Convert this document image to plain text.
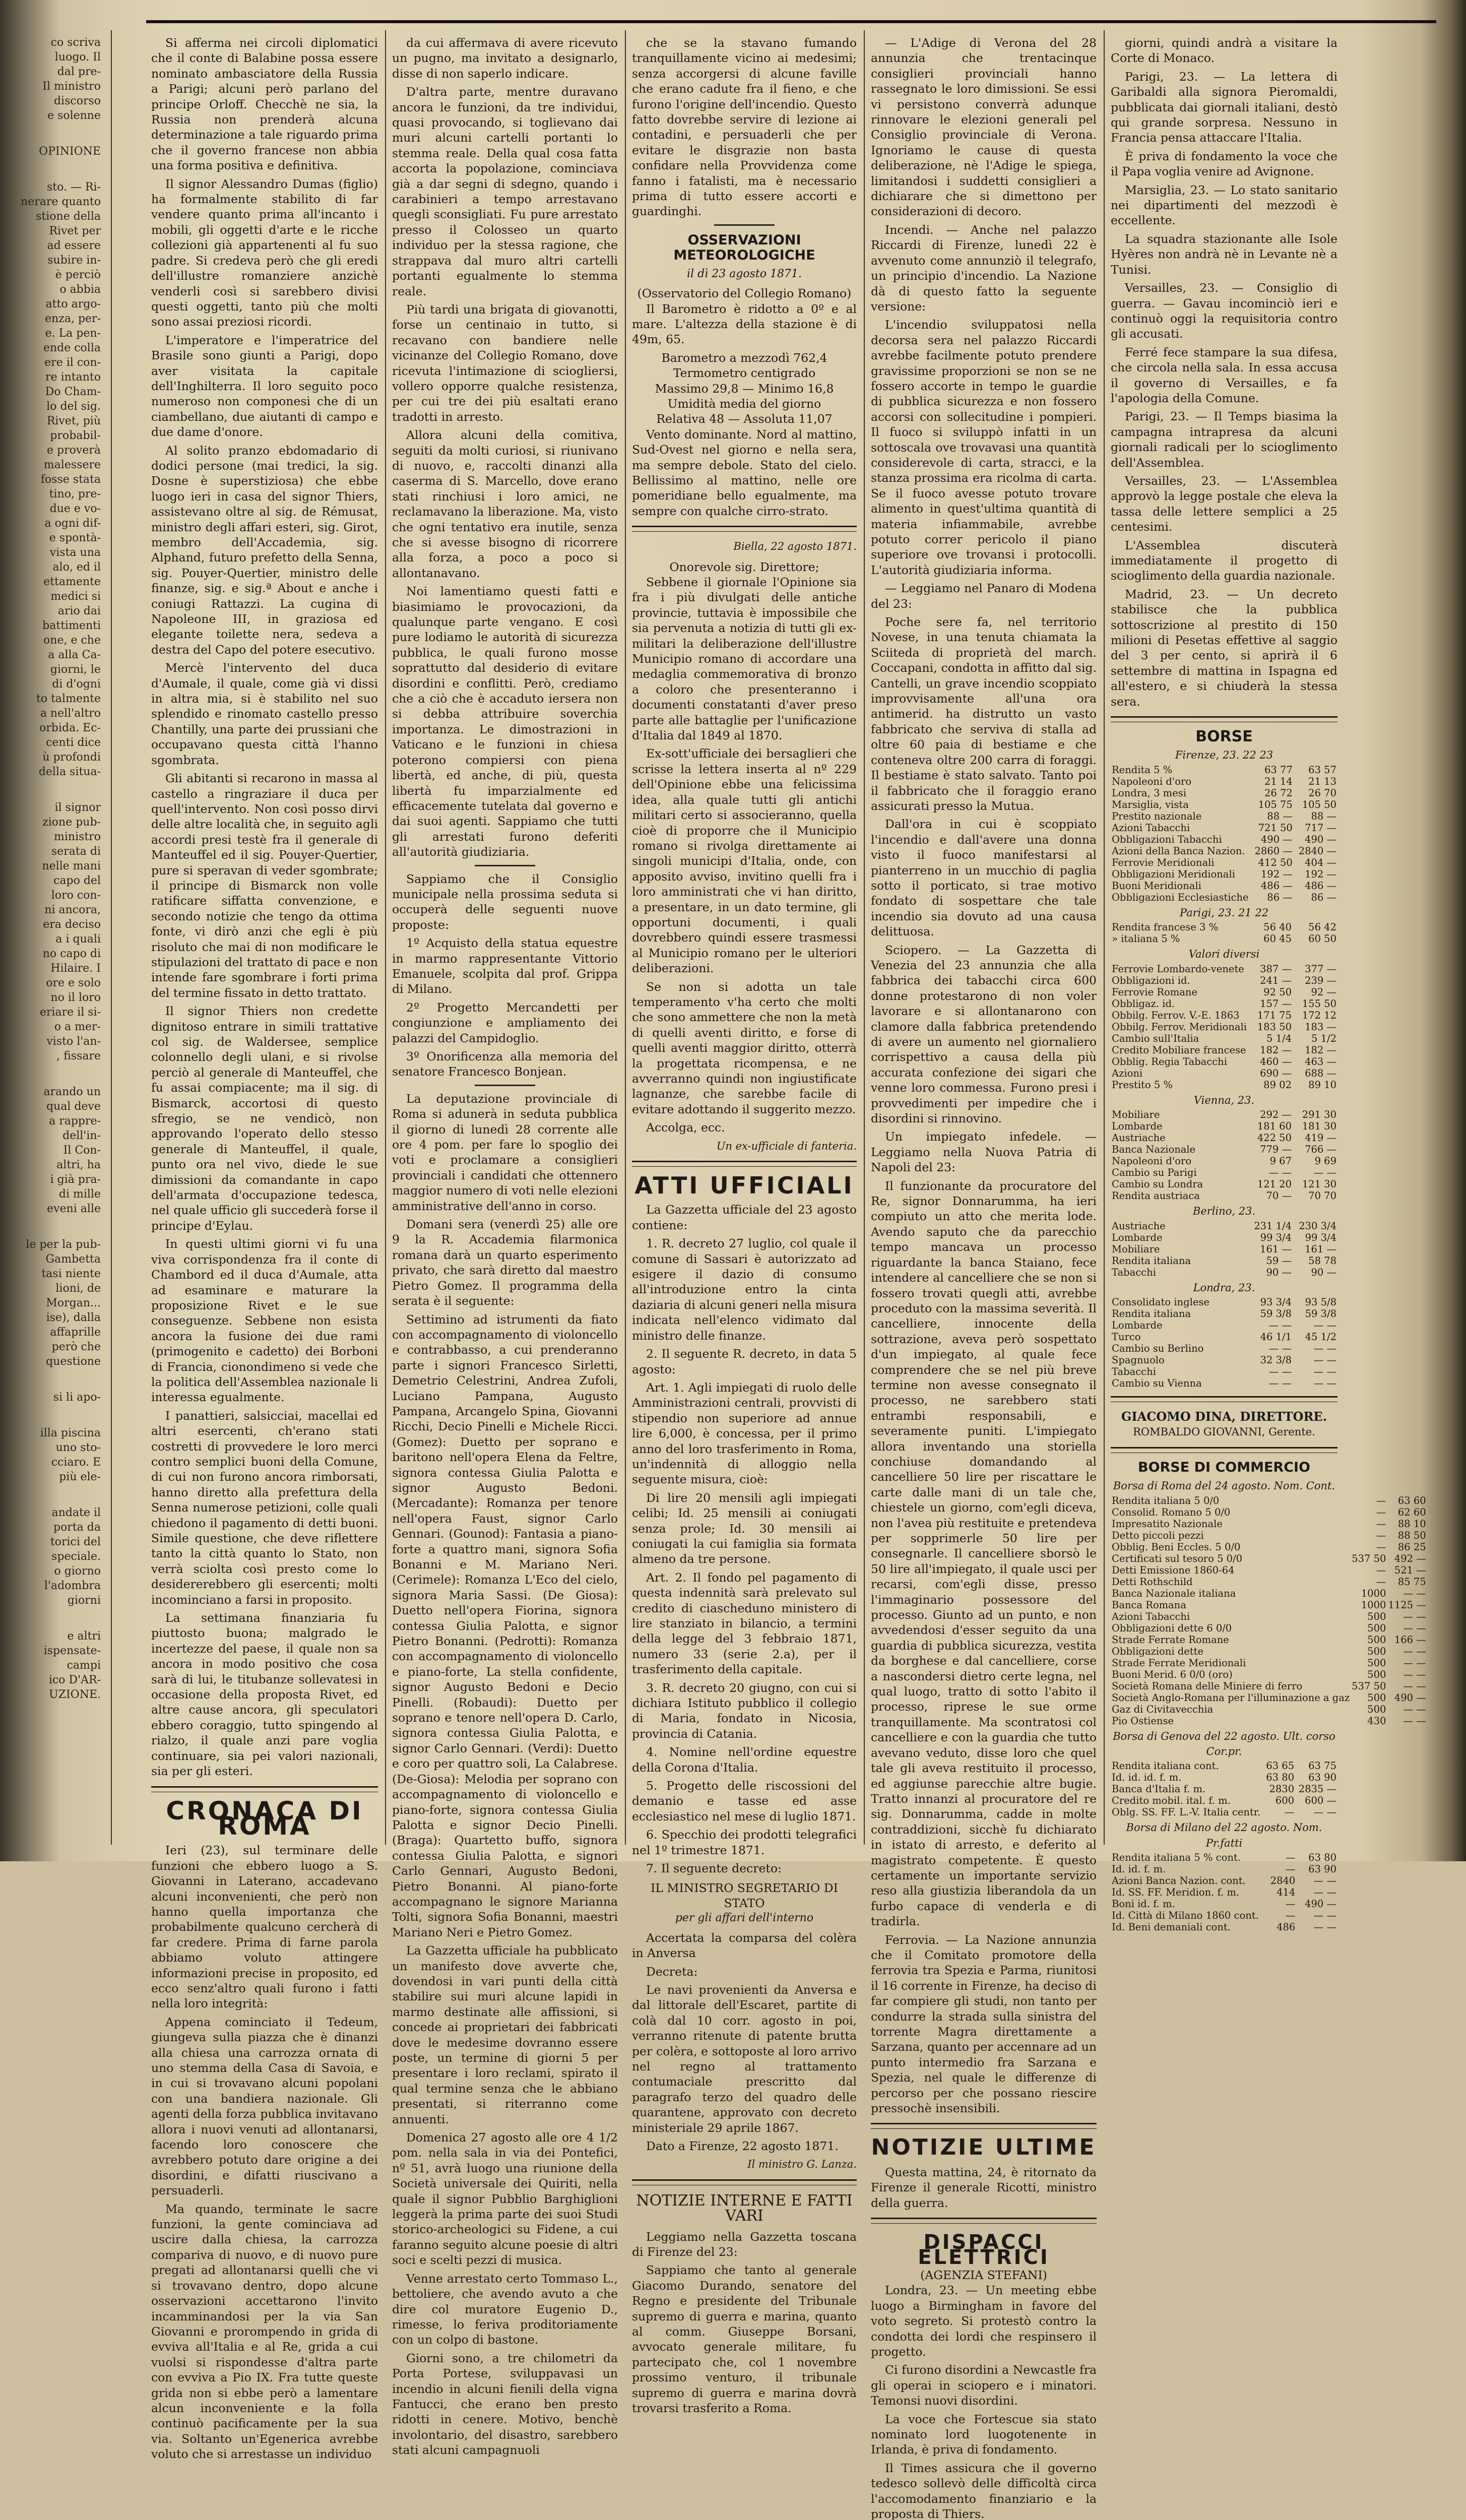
co scriva
luogo. Il
dal pre-
Il ministro
discorso
e solenne
OPINIONE
sto. — Ri-
nerare quanto
stione della
Rivet per
ad essere
subire in-
è perciò
o abbia
atto argo-
enza, per-
e. La pen-
ende colla
ere il con-
re intanto
Do Cham-
lo del sig.
Rivet, più
probabil-
e proverà
malessere
fosse stata
tino, pre-
due e vo-
a ogni dif-
e spontà-
vista una
alo, ed il
ettamente
medici si
ario dai
battimenti
one, e che
a alla Ca-
giorni, le
di d'ogni
to talmente
a nell'altro
orbida. Ec-
centi dice
ù profondi
della situa-
il signor
zione pub-
ministro
serata di
nelle mani
capo del
loro con-
ni ancora,
era deciso
a i quali
no capo di
Hilaire. I
ore e solo
no il loro
eriare il si-
o a mer-
visto l'an-
, fissare
arando un
qual deve
a rappre-
dell'in-
Il Con-
altri, ha
i già pra-
di mille
eveni alle
le per la pub-
Gambetta
tasi niente
lioni, de
Morgan...
ise), dalla
affaprille
però che
questione
si li apo-
illa piscina
uno sto-
cciaro. E
più ele-
andate il
porta da
torici del
speciale.
o giorno
l'adombra
giorni
e altri
ispensate-
campi
ico D'AR-
UZIONE.

Si afferma nei circoli diplomatici che il conte di Balabine possa essere nominato ambasciatore della Russia a Parigi; alcuni però parlano del principe Orloff. Checchè ne sia, la Russia non prenderà alcuna determinazione a tale riguardo prima che il governo francese non abbia una forma positiva e definitiva.

Il signor Alessandro Dumas (figlio) ha formalmente stabilito di far vendere quanto prima all'incanto i mobili, gli oggetti d'arte e le ricche collezioni già appartenenti al fu suo padre. Si credeva però che gli eredi dell'illustre romanziere anzichè venderli così si sarebbero divisi questi oggetti, tanto più che molti sono assai preziosi ricordi.

L'imperatore e l'imperatrice del Brasile sono giunti a Parigi, dopo aver visitata la capitale dell'Inghilterra. Il loro seguito poco numeroso non componesi che di un ciambellano, due aiutanti di campo e due dame d'onore.

Al solito pranzo ebdomadario di dodici persone (mai tredici, la sig. Dosne è superstiziosa) che ebbe luogo ieri in casa del signor Thiers, assistevano oltre al sig. de Rémusat, ministro degli affari esteri, sig. Girot, membro dell'Accademia, sig. Alphand, futuro prefetto della Senna, sig. Pouyer-Quertier, ministro delle finanze, sig. e sig.ª About e anche i coniugi Rattazzi. La cugina di Napoleone III, in graziosa ed elegante toilette nera, sedeva a destra del Capo del potere esecutivo.

Mercè l'intervento del duca d'Aumale, il quale, come già vi dissi in altra mia, si è stabilito nel suo splendido e rinomato castello presso Chantilly, una parte dei prussiani che occupavano questa città l'hanno sgombrata.

Gli abitanti si recarono in massa al castello a ringraziare il duca per quell'intervento. Non così posso dirvi delle altre località che, in seguito agli accordi presi testè fra il generale di Manteuffel ed il sig. Pouyer-Quertier, pure si speravan di veder sgombrate; il principe di Bismarck non volle ratificare siffatta convenzione, e secondo notizie che tengo da ottima fonte, vi dirò anzi che egli è più risoluto che mai di non modificare le stipulazioni del trattato di pace e non intende fare sgombrare i forti prima del termine fissato in detto trattato.

Il signor Thiers non credette dignitoso entrare in simili trattative col sig. de Waldersee, semplice colonnello degli ulani, e si rivolse perciò al generale di Manteuffel, che fu assai compiacente; ma il sig. di Bismarck, accortosi di questo sfregio, se ne vendicò, non approvando l'operato dello stesso generale di Manteuffel, il quale, punto ora nel vivo, diede le sue dimissioni da comandante in capo dell'armata d'occupazione tedesca, nel quale ufficio gli succederà forse il principe d'Eylau.

In questi ultimi giorni vi fu una viva corrispondenza fra il conte di Chambord ed il duca d'Aumale, atta ad esaminare e maturare la proposizione Rivet e le sue conseguenze. Sebbene non esista ancora la fusione dei due rami (primogenito e cadetto) dei Borboni di Francia, cionondimeno si vede che la politica dell'Assemblea nazionale li interessa egualmente.

I panattieri, salsicciai, macellai ed altri esercenti, ch'erano stati costretti di provvedere le loro merci contro semplici buoni della Comune, di cui non furono ancora rimborsati, hanno diretto alla prefettura della Senna numerose petizioni, colle quali chiedono il pagamento di detti buoni. Simile questione, che deve riflettere tanto la città quanto lo Stato, non verrà sciolta così presto come lo desidererebbero gli esercenti; molti incominciano a farsi in proposito.

La settimana finanziaria fu piuttosto buona; malgrado le incertezze del paese, il quale non sa ancora in modo positivo che cosa sarà di lui, le titubanze sollevatesi in occasione della proposta Rivet, ed altre cause ancora, gli speculatori ebbero coraggio, tutto spingendo al rialzo, il quale anzi pare voglia continuare, sia pei valori nazionali, sia per gli esteri.

CRONACA DI ROMA

Ieri (23), sul terminare delle funzioni che ebbero luogo a S. Giovanni in Laterano, accadevano alcuni inconvenienti, che però non hanno quella importanza che probabilmente qualcuno cercherà di far credere. Prima di farne parola abbiamo voluto attingere informazioni precise in proposito, ed ecco senz'altro quali furono i fatti nella loro integrità:

Appena cominciato il Tedeum, giungeva sulla piazza che è dinanzi alla chiesa una carrozza ornata di uno stemma della Casa di Savoia, e in cui si trovavano alcuni popolani con una bandiera nazionale. Gli agenti della forza pubblica invitavano allora i nuovi venuti ad allontanarsi, facendo loro conoscere che avrebbero potuto dare origine a dei disordini, e difatti riuscivano a persuaderli.

Ma quando, terminate le sacre funzioni, la gente cominciava ad uscire dalla chiesa, la carrozza compariva di nuovo, e di nuovo pure pregati ad allontanarsi quelli che vi si trovavano dentro, dopo alcune osservazioni accettarono l'invito incamminandosi per la via San Giovanni e prorompendo in grida di evviva all'Italia e al Re, grida a cui vuolsi si rispondesse d'altra parte con evviva a Pio IX. Fra tutte queste grida non si ebbe però a lamentare alcun inconveniente e la folla continuò pacificamente per la sua via. Soltanto un'Egenerica avrebbe voluto che si arrestasse un individuo

da cui affermava di avere ricevuto un pugno, ma invitato a designarlo, disse di non saperlo indicare.

D'altra parte, mentre duravano ancora le funzioni, da tre individui, quasi provocando, si toglievano dai muri alcuni cartelli portanti lo stemma reale. Della qual cosa fatta accorta la popolazione, cominciava già a dar segni di sdegno, quando i carabinieri a tempo arrestavano quegli sconsigliati. Fu pure arrestato presso il Colosseo un quarto individuo per la stessa ragione, che strappava dal muro altri cartelli portanti egualmente lo stemma reale.

Più tardi una brigata di giovanotti, forse un centinaio in tutto, si recavano con bandiere nelle vicinanze del Collegio Romano, dove ricevuta l'intimazione di sciogliersi, vollero opporre qualche resistenza, per cui tre dei più esaltati erano tradotti in arresto.

Allora alcuni della comitiva, seguiti da molti curiosi, si riunivano di nuovo, e, raccolti dinanzi alla caserma di S. Marcello, dove erano stati rinchiusi i loro amici, ne reclamavano la liberazione. Ma, visto che ogni tentativo era inutile, senza che si avesse bisogno di ricorrere alla forza, a poco a poco si allontanavano.

Noi lamentiamo questi fatti e biasimiamo le provocazioni, da qualunque parte vengano. E così pure lodiamo le autorità di sicurezza pubblica, le quali furono mosse soprattutto dal desiderio di evitare disordini e conflitti. Però, crediamo che a ciò che è accaduto iersera non si debba attribuire soverchia importanza. Le dimostrazioni in Vaticano e le funzioni in chiesa poterono compiersi con piena libertà, ed anche, di più, questa libertà fu imparzialmente ed efficacemente tutelata dal governo e dai suoi agenti. Sappiamo che tutti gli arrestati furono deferiti all'autorità giudiziaria.

Sappiamo che il Consiglio municipale nella prossima seduta si occuperà delle seguenti nuove proposte:

1º Acquisto della statua equestre in marmo rappresentante Vittorio Emanuele, scolpita dal prof. Grippa di Milano.

2º Progetto Mercandetti per congiunzione e ampliamento dei palazzi del Campidoglio.

3º Onorificenza alla memoria del senatore Francesco Bonjean.

La deputazione provinciale di Roma si adunerà in seduta pubblica il giorno di lunedì 28 corrente alle ore 4 pom. per fare lo spoglio dei voti e proclamare a consiglieri provinciali i candidati che ottennero maggior numero di voti nelle elezioni amministrative dell'anno in corso.

Domani sera (venerdì 25) alle ore 9 la R. Accademia filarmonica romana darà un quarto esperimento privato, che sarà diretto dal maestro Pietro Gomez. Il programma della serata è il seguente:

Settimino ad istrumenti da fiato con accompagnamento di violoncello e contrabbasso, a cui prenderanno parte i signori Francesco Sirletti, Demetrio Celestrini, Andrea Zufoli, Luciano Pampana, Augusto Pampana, Arcangelo Spina, Giovanni Ricchi, Decio Pinelli e Michele Ricci. (Gomez): Duetto per soprano e baritono nell'opera Elena da Feltre, signora contessa Giulia Palotta e signor Augusto Bedoni. (Mercadante): Romanza per tenore nell'opera Faust, signor Carlo Gennari. (Gounod): Fantasia a piano-forte a quattro mani, signora Sofia Bonanni e M. Mariano Neri. (Cerimele): Romanza L'Eco del cielo, signora Maria Sassi. (De Giosa): Duetto nell'opera Fiorina, signora contessa Giulia Palotta, e signor Pietro Bonanni. (Pedrotti): Romanza con accompagnamento di violoncello e piano-forte, La stella confidente, signor Augusto Bedoni e Decio Pinelli. (Robaudi): Duetto per soprano e tenore nell'opera D. Carlo, signora contessa Giulia Palotta, e signor Carlo Gennari. (Verdi): Duetto e coro per quattro soli, La Calabrese. (De-Giosa): Melodia per soprano con accompagnamento di violoncello e piano-forte, signora contessa Giulia Palotta e signor Decio Pinelli. (Braga): Quartetto buffo, signora contessa Giulia Palotta, e signori Carlo Gennari, Augusto Bedoni, Pietro Bonanni. Al piano-forte accompagnano le signore Marianna Tolti, signora Sofia Bonanni, maestri Mariano Neri e Pietro Gomez.

La Gazzetta ufficiale ha pubblicato un manifesto dove avverte che, dovendosi in vari punti della città stabilire sui muri alcune lapidi in marmo destinate alle affissioni, si concede ai proprietari dei fabbricati dove le medesime dovranno essere poste, un termine di giorni 5 per presentare i loro reclami, spirato il qual termine senza che le abbiano presentati, si riterranno come annuenti.

Domenica 27 agosto alle ore 4 1/2 pom. nella sala in via dei Pontefici, nº 51, avrà luogo una riunione della Società universale dei Quiriti, nella quale il signor Pubblio Barghiglioni leggerà la prima parte dei suoi Studi storico-archeologici su Fidene, a cui faranno seguito alcune poesie di altri soci e scelti pezzi di musica.

Venne arrestato certo Tommaso L., bettoliere, che avendo avuto a che dire col muratore Eugenio D., rimesse, lo feriva proditoriamente con un colpo di bastone.

Giorni sono, a tre chilometri da Porta Portese, sviluppavasi un incendio in alcuni fienili della vigna Fantucci, che erano ben presto ridotti in cenere. Motivo, benchè involontario, del disastro, sarebbero stati alcuni campagnuoli

che se la stavano fumando tranquillamente vicino ai medesimi; senza accorgersi di alcune faville che erano cadute fra il fieno, e che furono l'origine dell'incendio. Questo fatto dovrebbe servire di lezione ai contadini, e persuaderli che per evitare le disgrazie non basta confidare nella Provvidenza come fanno i fatalisti, ma è necessario prima di tutto essere accorti e guardinghi.

OSSERVAZIONI METEOROLOGICHE
il dì 23 agosto 1871.
(Osservatorio del Collegio Romano)

Il Barometro è ridotto a 0º e al mare. L'altezza della stazione è di 49m, 65.

Barometro a mezzodì 762,4
Termometro centigrado
Massimo 29,8 — Minimo 16,8
Umidità media del giorno
Relativa 48 — Assoluta 11,07

Vento dominante. Nord al mattino, Sud-Ovest nel giorno e nella sera, ma sempre debole. Stato del cielo. Bellissimo al mattino, nelle ore pomeridiane bello egualmente, ma sempre con qualche cirro-strato.

Biella, 22 agosto 1871.
Onorevole sig. Direttore;

Sebbene il giornale l'Opinione sia fra i più divulgati delle antiche provincie, tuttavia è impossibile che sia pervenuta a notizia di tutti gli ex-militari la deliberazione dell'illustre Municipio romano di accordare una medaglia commemorativa di bronzo a coloro che presenteranno i documenti constatanti d'aver preso parte alle battaglie per l'unificazione d'Italia dal 1849 al 1870.

Ex-sott'ufficiale dei bersaglieri che scrisse la lettera inserta al nº 229 dell'Opinione ebbe una felicissima idea, alla quale tutti gli antichi militari certo si associeranno, quella cioè di proporre che il Municipio romano si rivolga direttamente ai singoli municipi d'Italia, onde, con apposito avviso, invitino quelli fra i loro amministrati che vi han diritto, a presentare, in un dato termine, gli opportuni documenti, i quali dovrebbero quindi essere trasmessi al Municipio romano per le ulteriori deliberazioni.

Se non si adotta un tale temperamento v'ha certo che molti che sono ammettere che non la metà di quelli aventi diritto, e forse di quelli aventi maggior diritto, otterrà la progettata ricompensa, e ne avverranno quindi non ingiustificate lagnanze, che sarebbe facile di evitare adottando il suggerito mezzo.

Accolga, ecc.

Un ex-ufficiale di fanteria.
ATTI UFFICIALI

La Gazzetta ufficiale del 23 agosto contiene:

1. R. decreto 27 luglio, col quale il comune di Sassari è autorizzato ad esigere il dazio di consumo all'introduzione entro la cinta daziaria di alcuni generi nella misura indicata nell'elenco vidimato dal ministro delle finanze.

2. Il seguente R. decreto, in data 5 agosto:

Art. 1. Agli impiegati di ruolo delle Amministrazioni centrali, provvisti di stipendio non superiore ad annue lire 6,000, è concessa, per il primo anno del loro trasferimento in Roma, un'indennità di alloggio nella seguente misura, cioè:

Di lire 20 mensili agli impiegati celibi; Id. 25 mensili ai coniugati senza prole; Id. 30 mensili ai coniugati la cui famiglia sia formata almeno da tre persone.

Art. 2. Il fondo pel pagamento di questa indennità sarà prelevato sul credito di ciascheduno ministero di lire stanziato in bilancio, a termini della legge del 3 febbraio 1871, numero 33 (serie 2.a), per il trasferimento della capitale.

3. R. decreto 20 giugno, con cui si dichiara Istituto pubblico il collegio di Maria, fondato in Nicosia, provincia di Catania.

4. Nomine nell'ordine equestre della Corona d'Italia.

5. Progetto delle riscossioni del demanio e tasse ed asse ecclesiastico nel mese di luglio 1871.

6. Specchio dei prodotti telegrafici nel 1º trimestre 1871.

7. Il seguente decreto:

IL MINISTRO SEGRETARIO DI STATO
per gli affari dell'interno

Accertata la comparsa del colèra in Anversa

Decreta:

Le navi provenienti da Anversa e dal littorale dell'Escaret, partite di colà dal 10 corr. agosto in poi, verranno ritenute di patente brutta per colèra, e sottoposte al loro arrivo nel regno al trattamento contumaciale prescritto dal paragrafo terzo del quadro delle quarantene, approvato con decreto ministeriale 29 aprile 1867.

Dato a Firenze, 22 agosto 1871.

Il ministro G. Lanza.
NOTIZIE INTERNE E FATTI VARI

Leggiamo nella Gazzetta toscana di Firenze del 23:

Sappiamo che tanto al generale Giacomo Durando, senatore del Regno e presidente del Tribunale supremo di guerra e marina, quanto al comm. Giuseppe Borsani, avvocato generale militare, fu partecipato che, col 1 novembre prossimo venturo, il tribunale supremo di guerra e marina dovrà trovarsi trasferito a Roma.

— L'Adige di Verona del 28 annunzia che trentacinque consiglieri provinciali hanno rassegnato le loro dimissioni. Se essi vi persistono converrà adunque rinnovare le elezioni generali pel Consiglio provinciale di Verona. Ignoriamo le cause di questa deliberazione, nè l'Adige le spiega, limitandosi i suddetti consiglieri a dichiarare che si dimettono per considerazioni di decoro.

Incendi. — Anche nel palazzo Riccardi di Firenze, lunedì 22 è avvenuto come annunziò il telegrafo, un principio d'incendio. La Nazione dà di questo fatto la seguente versione:

L'incendio sviluppatosi nella decorsa sera nel palazzo Riccardi avrebbe facilmente potuto prendere gravissime proporzioni se non se ne fossero accorte in tempo le guardie di pubblica sicurezza e non fossero accorsi con sollecitudine i pompieri. Il fuoco si sviluppò infatti in un sottoscala ove trovavasi una quantità considerevole di carta, stracci, e la stanza prossima era ricolma di carta. Se il fuoco avesse potuto trovare alimento in quest'ultima quantità di materia infiammabile, avrebbe potuto correr pericolo il piano superiore ove trovansi i protocolli. L'autorità giudiziaria informa.

— Leggiamo nel Panaro di Modena del 23:

Poche sere fa, nel territorio Novese, in una tenuta chiamata la Sciiteda di proprietà del march. Coccapani, condotta in affitto dal sig. Cantelli, un grave incendio scoppiato improvvisamente all'una ora antimerid. ha distrutto un vasto fabbricato che serviva di stalla ad oltre 60 paia di bestiame e che conteneva oltre 200 carra di foraggi. Il bestiame è stato salvato. Tanto poi il fabbricato che il foraggio erano assicurati presso la Mutua.

Dall'ora in cui è scoppiato l'incendio e dall'avere una donna visto il fuoco manifestarsi al pianterreno in un mucchio di paglia sotto il porticato, si trae motivo fondato di sospettare che tale incendio sia dovuto ad una causa delittuosa.

Sciopero. — La Gazzetta di Venezia del 23 annunzia che alla fabbrica dei tabacchi circa 600 donne protestarono di non voler lavorare e si allontanarono con clamore dalla fabbrica pretendendo di avere un aumento nel giornaliero corrispettivo a causa della più accurata confezione dei sigari che venne loro commessa. Furono presi i provvedimenti per impedire che i disordini si rinnovino.

Un impiegato infedele. — Leggiamo nella Nuova Patria di Napoli del 23:

Il funzionante da procuratore del Re, signor Donnarumma, ha ieri compiuto un atto che merita lode. Avendo saputo che da parecchio tempo mancava un processo riguardante la banca Staiano, fece intendere al cancelliere che se non si fossero trovati quegli atti, avrebbe proceduto con la massima severità. Il cancelliere, innocente della sottrazione, aveva però sospettato d'un impiegato, al quale fece comprendere che se nel più breve termine non avesse consegnato il processo, ne sarebbero stati entrambi responsabili, e severamente puniti. L'impiegato allora inventando una storiella conchiuse domandando al cancelliere 50 lire per riscattare le carte dalle mani di un tale che, chiestele un giorno, com'egli diceva, non l'avea più restituite e pretendeva per sopprimerle 50 lire per consegnarle. Il cancelliere sborsò le 50 lire all'impiegato, il quale usci per recarsi, com'egli disse, presso l'immaginario possessore del processo. Giunto ad un punto, e non avvedendosi d'esser seguito da una guardia di pubblica sicurezza, vestita da borghese e dal cancelliere, corse a nascondersi dietro certe legna, nel qual luogo, tratto di sotto l'abito il processo, riprese le sue orme tranquillamente. Ma scontratosi col cancelliere e con la guardia che tutto avevano veduto, disse loro che quel tale gli aveva restituito il processo, ed aggiunse parecchie altre bugie. Tratto innanzi al procuratore del re sig. Donnarumma, cadde in molte contraddizioni, sicchè fu dichiarato in istato di arresto, e deferito al magistrato competente. È questo certamente un importante servizio reso alla giustizia liberandola da un furbo capace di venderla e di tradirla.

Ferrovia. — La Nazione annunzia che il Comitato promotore della ferrovia tra Spezia e Parma, riunitosi il 16 corrente in Firenze, ha deciso di far compiere gli studi, non tanto per condurre la strada sulla sinistra del torrente Magra direttamente a Sarzana, quanto per accennare ad un punto intermedio fra Sarzana e Spezia, nel quale le differenze di percorso per che possano riescire pressochè insensibili.

NOTIZIE ULTIME

Questa mattina, 24, è ritornato da Firenze il generale Ricotti, ministro della guerra.

DISPACCI ELETTRICI
(AGENZIA STEFANI)

Londra, 23. — Un meeting ebbe luogo a Birmingham in favore del voto segreto. Si protestò contro la condotta dei lordi che respinsero il progetto.

Ci furono disordini a Newcastle fra gli operai in sciopero e i minatori. Temonsi nuovi disordini.

La voce che Fortescue sia stato nominato lord luogotenente in Irlanda, è priva di fondamento.

Il Times assicura che il governo tedesco sollevò delle difficoltà circa l'accomodamento finanziario e la proposta di Thiers.

giorni, quindi andrà a visitare la Corte di Monaco.

Parigi, 23. — La lettera di Garibaldi alla signora Pieromaldi, pubblicata dai giornali italiani, destò qui grande sorpresa. Nessuno in Francia pensa attaccare l'Italia.

È priva di fondamento la voce che il Papa voglia venire ad Avignone.

Marsiglia, 23. — Lo stato sanitario nei dipartimenti del mezzodì è eccellente.

La squadra stazionante alle Isole Hyères non andrà nè in Levante nè a Tunisi.

Versailles, 23. — Consiglio di guerra. — Gavau incominciò ieri e continuò oggi la requisitoria contro gli accusati.

Ferré fece stampare la sua difesa, che circola nella sala. In essa accusa il governo di Versailles, e fa l'apologia della Comune.

Parigi, 23. — Il Temps biasima la campagna intrapresa da alcuni giornali radicali per lo scioglimento dell'Assemblea.

Versailles, 23. — L'Assemblea approvò la legge postale che eleva la tassa delle lettere semplici a 25 centesimi.

L'Assemblea discuterà immediatamente il progetto di scioglimento della guardia nazionale.

Madrid, 23. — Un decreto stabilisce che la pubblica sottoscrizione al prestito di 150 milioni di Pesetas effettive al saggio del 3 per cento, si aprirà il 6 settembre di mattina in Ispagna ed all'estero, e si chiuderà la stessa sera.

BORSE
Firenze, 23. 22 23
Rendita 5 %	63 77	63 57
Napoleoni d'oro	21 14	21 13
Londra, 3 mesi	26 72	26 70
Marsiglia, vista	105 75	105 50
Prestito nazionale	88 —	88 —
Azioni Tabacchi	721 50	717 —
Obbligazioni Tabacchi	490 —	490 —
Azioni della Banca Nazion.	2860 —	2840 —
Ferrovie Meridionali	412 50	404 —
Obbligazioni Meridionali	192 —	192 —
Buoni Meridionali	486 —	486 —
Obbligazioni Ecclesiastiche	86 —	86 —
Parigi, 23. 21 22
Rendita francese 3 %	56 40	56 42
» italiana 5 %	60 45	60 50
Valori diversi
Ferrovie Lombardo-venete	387 —	377 —
Obbligazioni id.	241 —	239 —
Ferrovie Romane	92 50	92 —
Obbligaz. id.	157 —	155 50
Obbilg. Ferrov. V.-E. 1863	171 75	172 12
Obbilg. Ferrov. Meridionali	183 50	183 —
Cambio sull'Italia	5 1/4	5 1/2
Credito Mobiliare francese	182 —	182 —
Obblig. Regia Tabacchi	460 —	463 —
Azioni	690 —	688 —
Prestito 5 %	89 02	89 10
Vienna, 23.
Mobiliare	292 —	291 30
Lombarde	181 60	181 30
Austriache	422 50	419 —
Banca Nazionale	779 —	766 —
Napoleoni d'oro	9 67	9 69
Cambio su Parigi	— —	— —
Cambio su Londra	121 20	121 30
Rendita austriaca	70 —	70 70
Berlino, 23.
Austriache	231 1/4	230 3/4
Lombarde	99 3/4	99 3/4
Mobiliare	161 —	161 —
Rendita italiana	59 —	58 78
Tabacchi	90 —	90 —
Londra, 23.
Consolidato inglese	93 3/4	93 5/8
Rendita italiana	59 3/8	59 3/8
Lombarde	— —	— —
Turco	46 1/1	45 1/2
Cambio su Berlino	— —	— —
Spagnuolo	32 3/8	— —
Tabacchi	— —	— —
Cambio su Vienna	— —	— —
GIACOMO DINA, DIRETTORE.
ROMBALDO GIOVANNI, Gerente.
BORSE DI COMMERCIO
Borsa di Roma del 24 agosto. Nom. Cont.
Rendita italiana 5 0/0	—	63 60
Consolid. Romano 5 0/0	—	62 60
Impresatito Nazionale	—	88 10
Detto piccoli pezzi	—	88 50
Obblig. Beni Eccles. 5 0/0	—	86 25
Certificati sul tesoro 5 0/0	537 50	492 —
Detti Emissione 1860-64	—	521 —
Detti Rothschild	—	85 75
Banca Nazionale italiana	1000	— —
Banca Romana	1000	1125 —
Azioni Tabacchi	500	— —
Obbligazioni dette 6 0/0	500	— —
Strade Ferrate Romane	500	166 —
Obbligazioni dette	500	— —
Strade Ferrate Meridionali	500	— —
Buoni Merid. 6 0/0 (oro)	500	— —
Società Romana delle Miniere di ferro	537 50	— —
Società Anglo-Romana per l'illuminazione a gaz	500	490 —
Gaz di Civitavecchia	500	— —
Pio Ostiense	430	— —
Borsa di Genova del 22 agosto. Ult. corso Cor.pr.
Rendita italiana cont.	63 65	63 75
Id. id. id. f. m.	63 80	63 90
Banca d'Italia f. m.	2830	2835 —
Credito mobil. ital. f. m.	600	600 —
Oblg. SS. FF. L.-V. Italia centr.	—	— —
Borsa di Milano del 22 agosto. Nom. Pr.fatti
Rendita italiana 5 % cont.	—	63 80
Id. id. f. m.	—	63 90
Azioni Banca Nazion. cont.	2840	— —
Id. SS. FF. Meridion. f. m.	414	— —
Boni id. f. m.	—	490 —
Id. Città di Milano 1860 cont.	—	— —
Id. Beni demaniali cont.	486	— —
